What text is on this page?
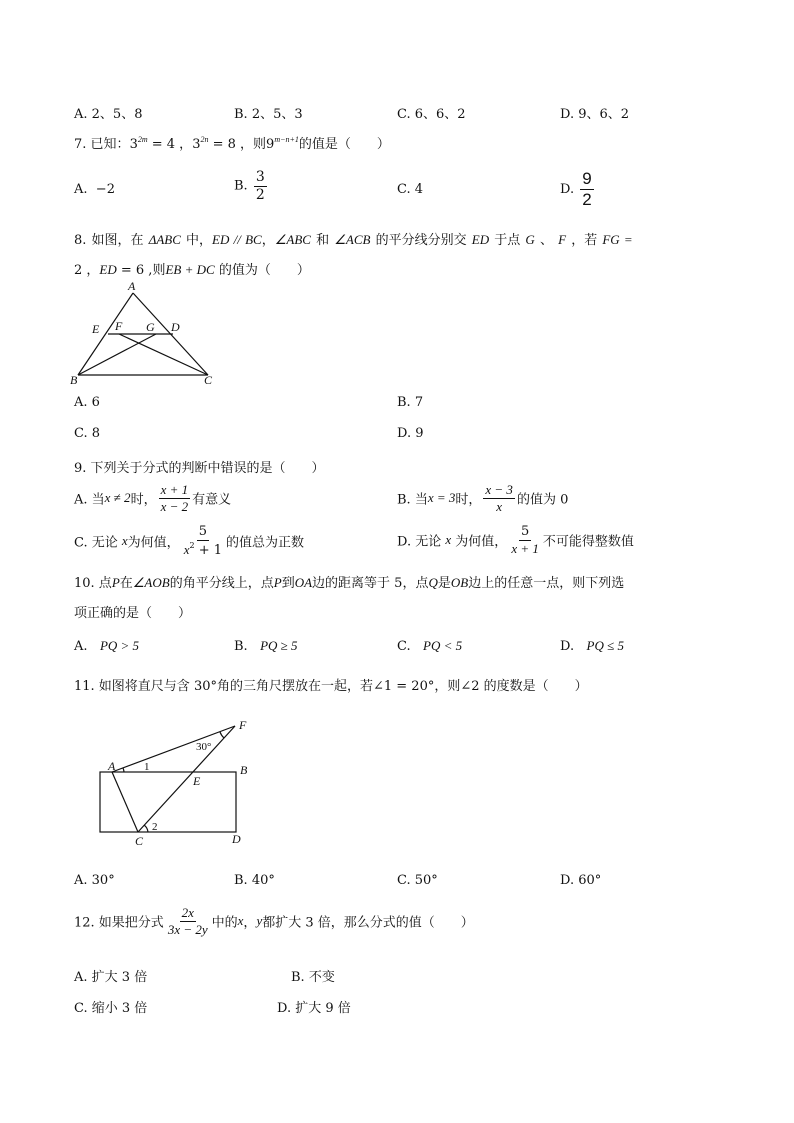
A. 2、5、8	B. 2、5、3	C. 6、6、2	D. 9、6、2
7. 已知：$3^{2m} = 4$ ，$3^{2n} = 8$ ，则$9^{m-n+1}$的值是（　　）
A. −2	B. $\frac{3}{2}$	C. 4	D. $\frac{9}{2}$
8. 如图，在 ΔABC 中，ED // BC，∠ABC 和 ∠ACB 的平分线分别交 ED 于点 G 、 F ，若 FG =
2 ，ED = 6 ,则EB + DC 的值为（　　）
A
E F G D
B	C
A. 6	B. 7
C. 8	D. 9
9. 下列关于分式的判断中错误的是（　　）
A. 当x ≠ 2时， $\frac{x + 1}{x - 2}$ 有意义	B. 当x = 3时， $\frac{x - 3}{x}$ 的值为 0
C. 无论 x为何值， $\frac{5}{x^2 + 1}$ 的值总为正数	D. 无论 x 为何值， $\frac{5}{x + 1}$ 不可能得整数值
10. 点P在∠AOB的角平分线上，点P到OA边的距离等于 5，点Q是OB边上的任意一点，则下列选
项正确的是（　　）
A. PQ > 5	B. PQ ≥ 5	C. PQ < 5	D. PQ ≤ 5
11. 如图将直尺与含 30°角的三角尺摆放在一起，若∠1 = 20°，则∠2 的度数是（　　）
F
30°
A	1	B
E
2
C	D
A. 30°	B. 40°	C. 50°	D. 60°
12. 如果把分式 $\frac{2x}{3x - 2y}$ 中的x，y都扩大 3 倍，那么分式的值（　　）
A. 扩大 3 倍	B. 不变
C. 缩小 3 倍	D. 扩大 9 倍
